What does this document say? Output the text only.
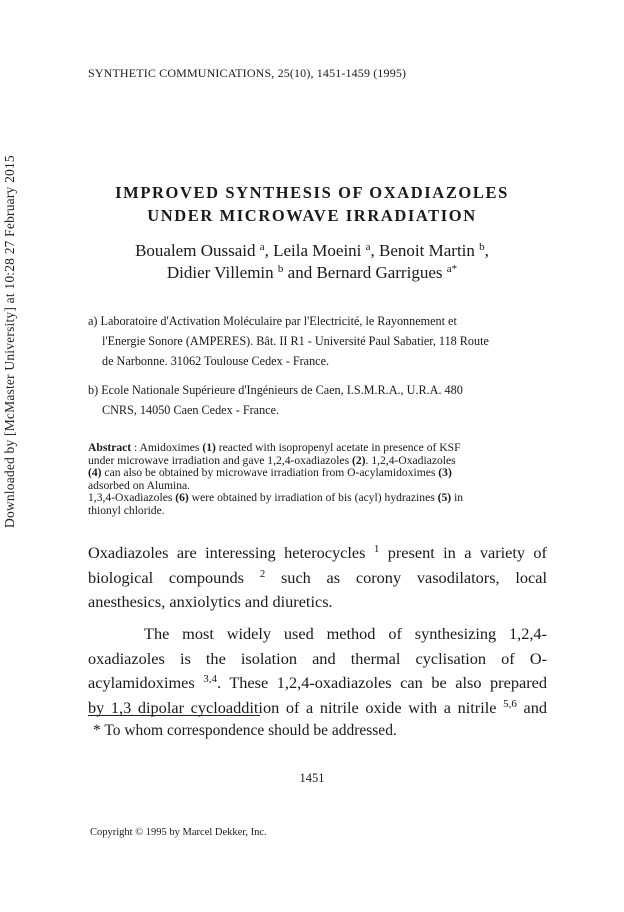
Downloaded by [McMaster University] at 10:28 27 February 2015
SYNTHETIC COMMUNICATIONS, 25(10), 1451-1459 (1995)
IMPROVED SYNTHESIS OF OXADIAZOLES
UNDER MICROWAVE IRRADIATION
Boualem Oussaid $^a$, Leila Moeini $^a$, Benoit Martin $^b$,
Didier Villemin $^b$ and Bernard Garrigues $^{a*}$
a) Laboratoire d'Activation Moléculaire par l'Electricité, le Rayonnement et
l'Energie Sonore (AMPERES). Bât. II R1 - Université Paul Sabatier, 118 Route
de Narbonne. 31062 Toulouse Cedex - France.
b) Ecole Nationale Supérieure d'Ingénieurs de Caen, I.S.M.R.A., U.R.A. 480
CNRS, 14050 Caen Cedex - France.
Abstract : Amidoximes (1) reacted with isopropenyl acetate in presence of KSF
under microwave irradiation and gave 1,2,4-oxadiazoles (2). 1,2,4-Oxadiazoles
(4) can also be obtained by microwave irradiation from O-acylamidoximes (3)
adsorbed on Alumina.
1,3,4-Oxadiazoles (6) were obtained by irradiation of bis (acyl) hydrazines (5) in
thionyl chloride.
Oxadiazoles are interessing heterocycles $^1$ present in a variety of
biological compounds $^2$ such as corony vasodilators, local
anesthesics, anxiolytics and diuretics.
The most widely used method of synthesizing 1,2,4-
oxadiazoles is the isolation and thermal cyclisation of O-
acylamidoximes $^{3,4}$. These 1,2,4-oxadiazoles can be also prepared
by 1,3 dipolar cycloaddition of a nitrile oxide with a nitrile $^{5,6}$ and
* To whom correspondence should be addressed.
1451
Copyright © 1995 by Marcel Dekker, Inc.
